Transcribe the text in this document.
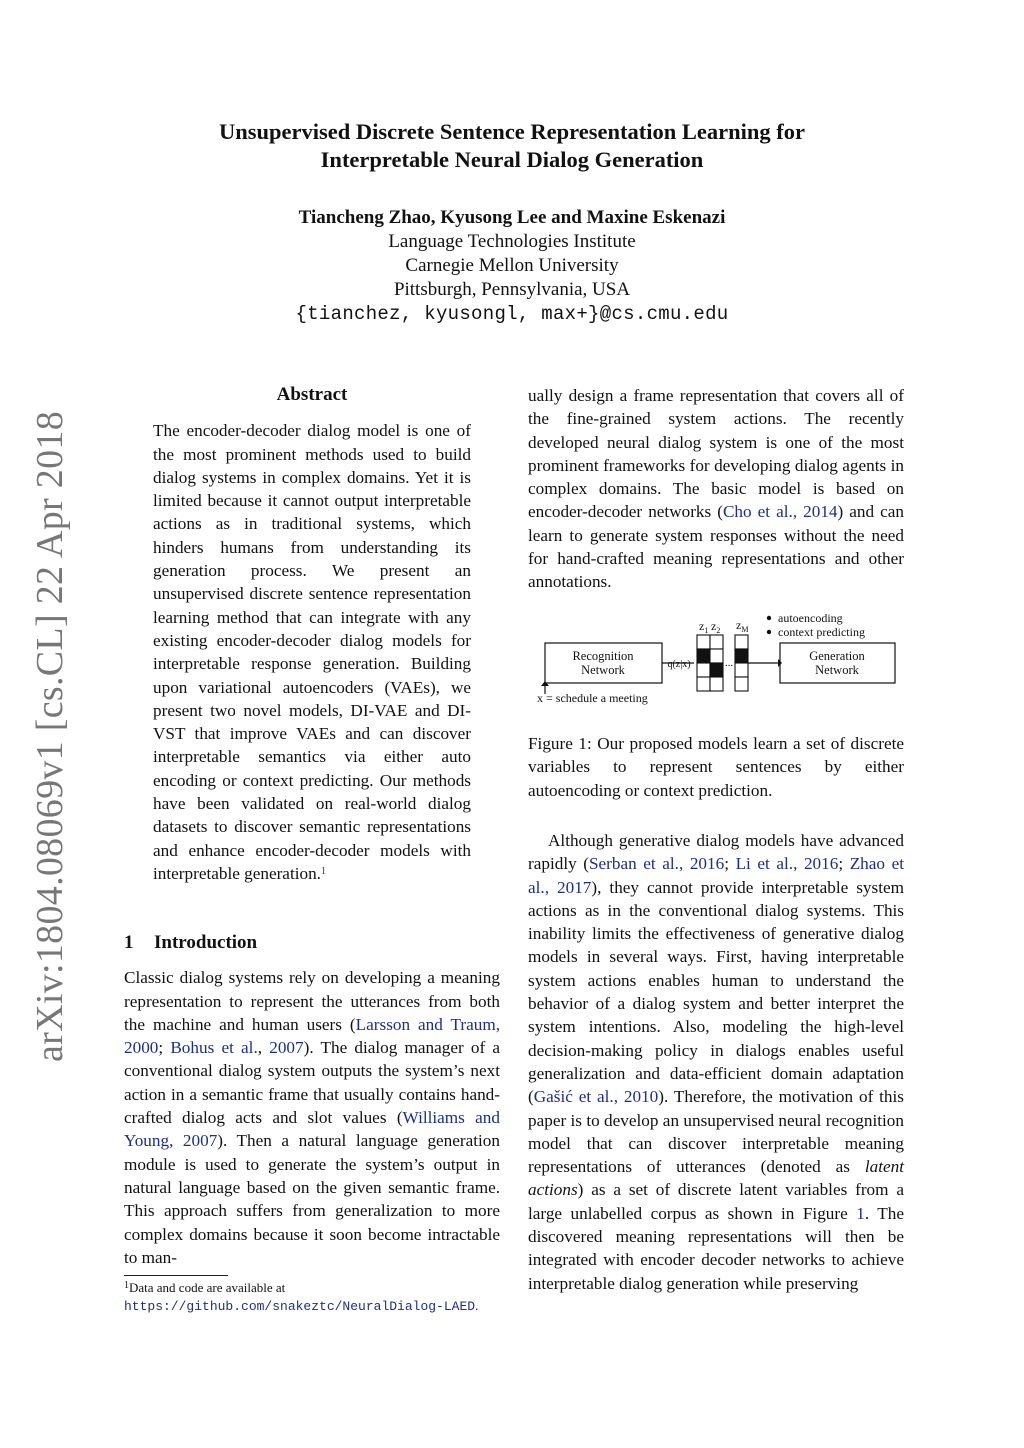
arXiv:1804.08069v1 [cs.CL] 22 Apr 2018
Unsupervised Discrete Sentence Representation Learning for
Interpretable Neural Dialog Generation
Tiancheng Zhao, Kyusong Lee and Maxine Eskenazi
Language Technologies Institute
Carnegie Mellon University
Pittsburgh, Pennsylvania, USA
{tianchez, kyusongl, max+}@cs.cmu.edu
Abstract
The encoder-decoder dialog model is one of the most prominent methods used to build dialog systems in complex domains. Yet it is limited because it cannot output interpretable actions as in traditional systems, which hinders humans from understanding its generation process. We present an unsupervised discrete sentence representation learning method that can integrate with any existing encoder-decoder dialog models for interpretable response generation. Building upon variational autoencoders (VAEs), we present two novel models, DI-VAE and DI-VST that improve VAEs and can discover interpretable semantics via either auto encoding or context predicting. Our methods have been validated on real-world dialog datasets to discover semantic representations and enhance encoder-decoder models with interpretable generation.$^1$
1 Introduction
Classic dialog systems rely on developing a meaning representation to represent the utterances from both the machine and human users (Larsson and Traum, 2000; Bohus et al., 2007). The dialog manager of a conventional dialog system outputs the system’s next action in a semantic frame that usually contains hand-crafted dialog acts and slot values (Williams and Young, 2007). Then a natural language generation module is used to generate the system’s output in natural language based on the given semantic frame. This approach suffers from generalization to more complex domains because it soon become intractable to man-
$^1$Data and code are available at https://github.com/snakeztc/NeuralDialog-LAED.
ually design a frame representation that covers all of the fine-grained system actions. The recently developed neural dialog system is one of the most prominent frameworks for developing dialog agents in complex domains. The basic model is based on encoder-decoder networks (Cho et al., 2014) and can learn to generate system responses without the need for hand-crafted meaning representations and other annotations.
Recognition
Network	q(z|x)
$z_1$ $z_2$ $z_M$
...	Generation
Network
autoencoding
context predicting
x = schedule a meeting
Figure 1: Our proposed models learn a set of discrete variables to represent sentences by either autoencoding or context prediction.
Although generative dialog models have advanced rapidly (Serban et al., 2016; Li et al., 2016; Zhao et al., 2017), they cannot provide interpretable system actions as in the conventional dialog systems. This inability limits the effectiveness of generative dialog models in several ways. First, having interpretable system actions enables human to understand the behavior of a dialog system and better interpret the system intentions. Also, modeling the high-level decision-making policy in dialogs enables useful generalization and data-efficient domain adaptation (Gašić et al., 2010). Therefore, the motivation of this paper is to develop an unsupervised neural recognition model that can discover interpretable meaning representations of utterances (denoted as latent actions) as a set of discrete latent variables from a large unlabelled corpus as shown in Figure 1. The discovered meaning representations will then be integrated with encoder decoder networks to achieve interpretable dialog generation while preserving
